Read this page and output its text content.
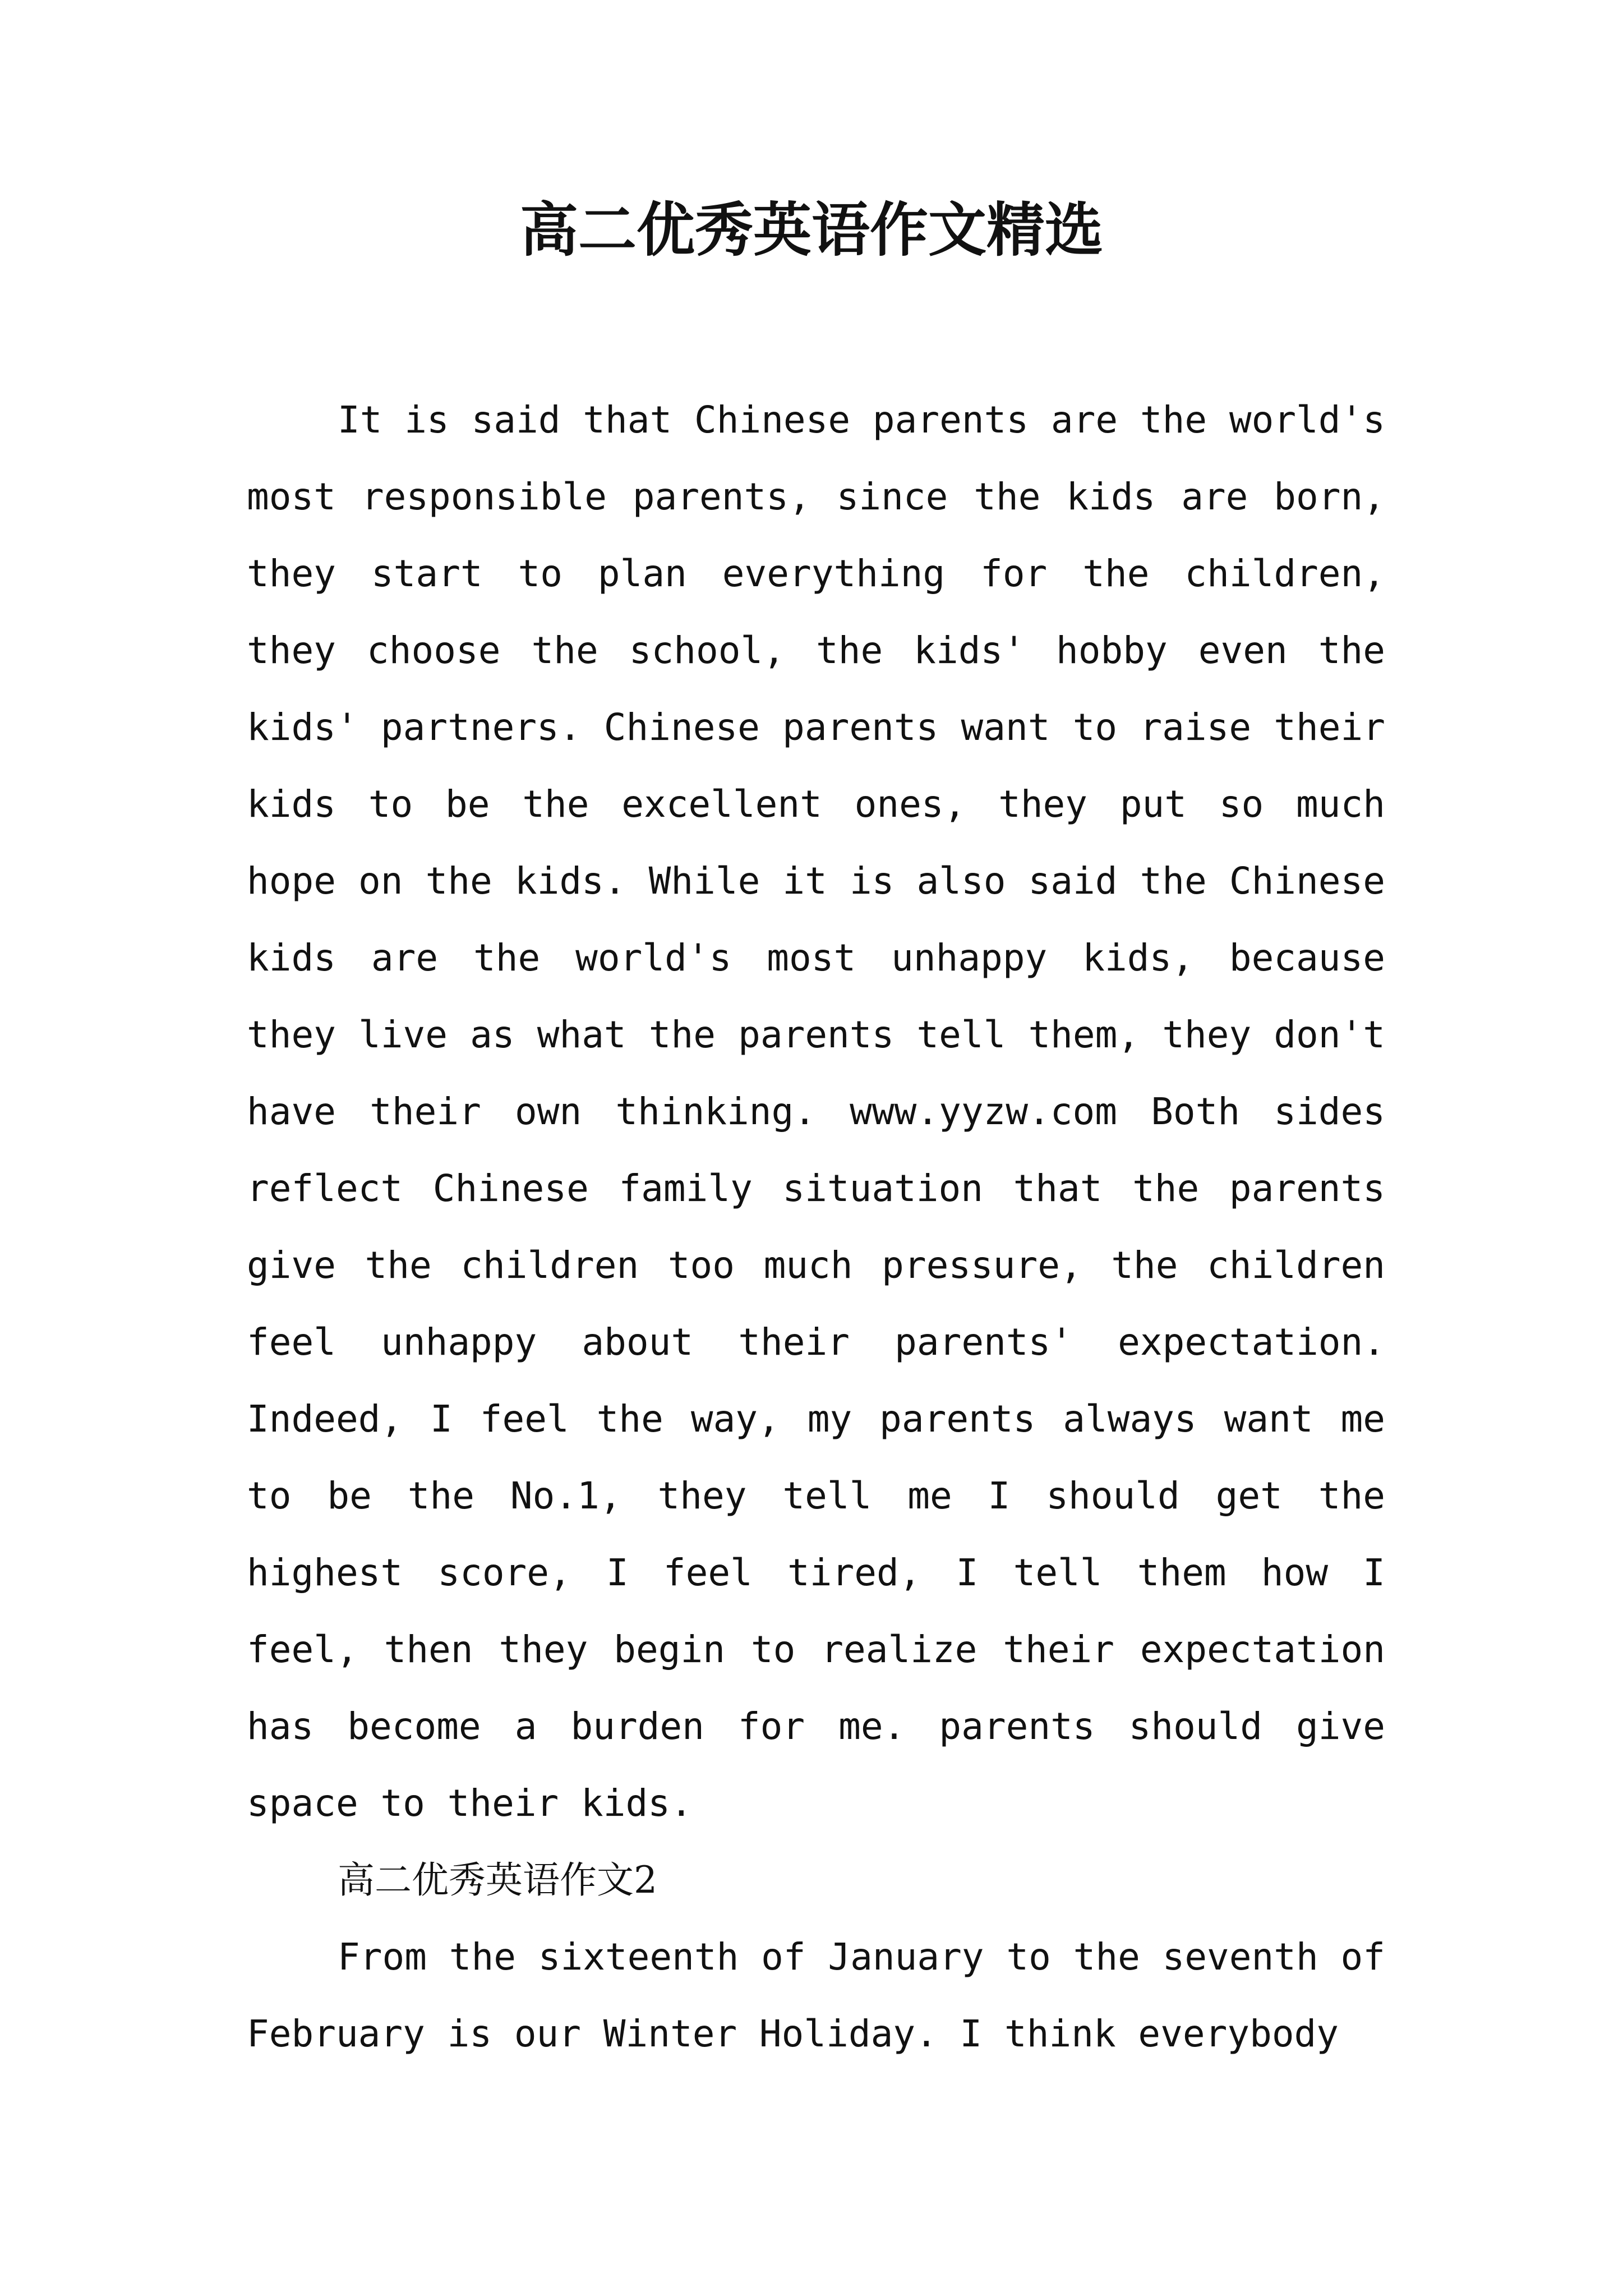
高二优秀英语作文精选

It is said that Chinese parents are the world's most responsible parents, since the kids are born, they start to plan everything for the children, they choose the school, the kids' hobby even the kids' partners. Chinese parents want to raise their kids to be the excellent ones, they put so much hope on the kids. While it is also said the Chinese kids are the world's most unhappy kids, because they live as what the parents tell them, they don't have their own thinking. www.yyzw.com Both sides reflect Chinese family situation that the parents give the children too much pressure, the children feel unhappy about their parents' expectation. Indeed, I feel the way, my parents always want me to be the No.1, they tell me I should get the highest score, I feel tired, I tell them how I feel, then they begin to realize their expectation has become a burden for me. parents should give space to their kids.

高二优秀英语作文2

From the sixteenth of January to the seventh of February is our Winter Holiday. I think everybody
